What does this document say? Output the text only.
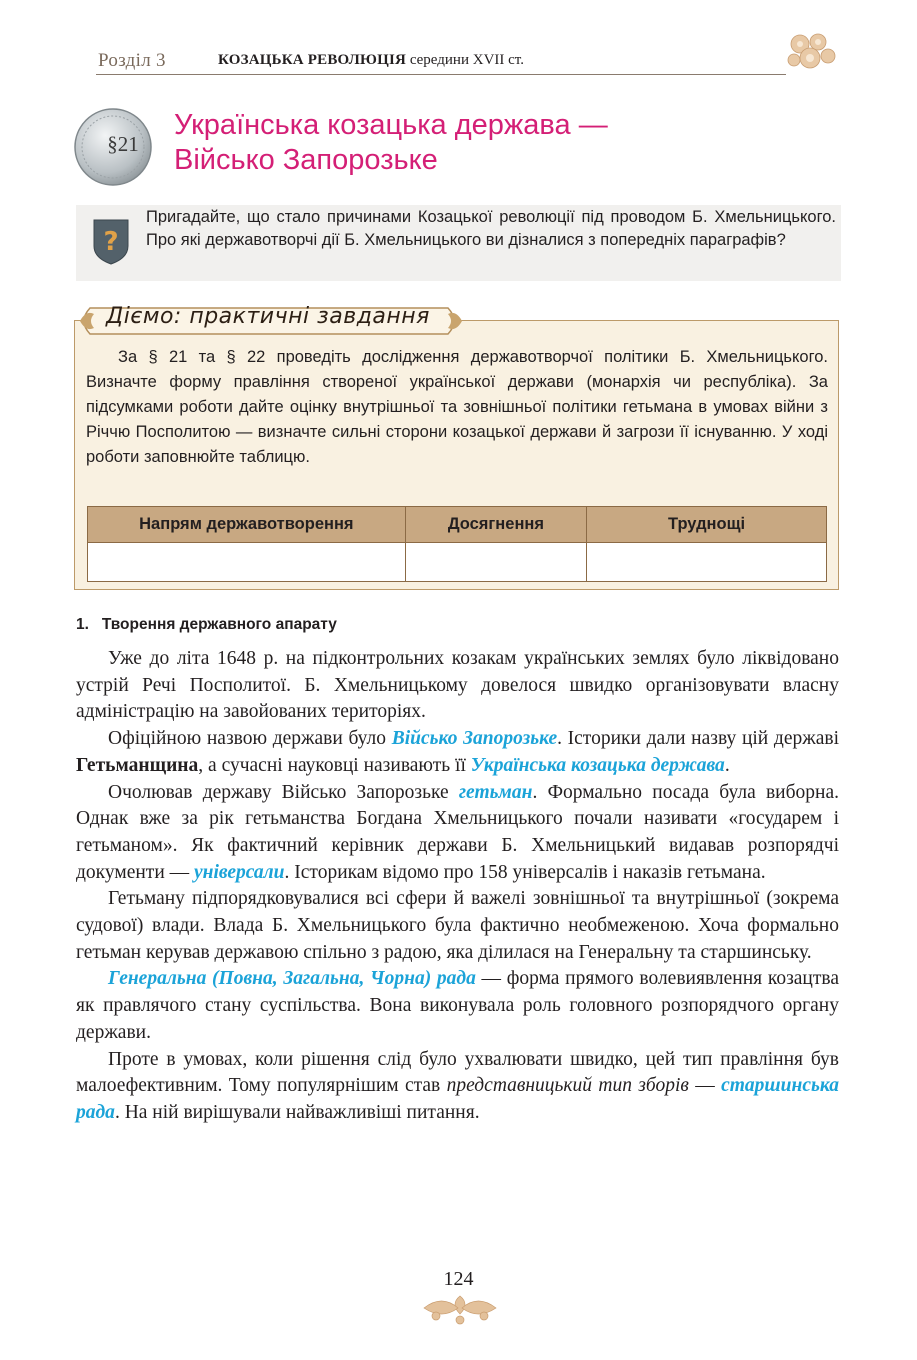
Розділ 3	КОЗАЦЬКА РЕВОЛЮЦІЯ середини XVII ст.
§21
Українська козацька держава —
Військо Запорозьке
?
Пригадайте, що стало причинами Козацької революції під проводом Б. Хмельницького. Про які державотворчі дії Б. Хмельницького ви дізналися з попередніх параграфів?
Діємо: практичні завдання
За § 21 та § 22 проведіть дослідження державотворчої політики Б. Хмельницького. Визначте форму правління створеної української держави (монархія чи республіка). За підсумками роботи дайте оцінку внутрішньої та зовнішньої політики гетьмана в умовах війни з Річчю Посполитою — визначте сильні сторони козацької держави й загрози її існуванню. У ході роботи заповнюйте таблицю.
Напрям державотворення	Досягнення	Труднощі

1.   Творення державного апарату

Уже до літа 1648 р. на підконтрольних козакам українських землях було ліквідовано устрій Речі Посполитої. Б. Хмельницькому довелося швидко організовувати власну адміністрацію на завойованих територіях.

Офіційною назвою держави було Військо Запорозьке. Історики дали назву цій державі Гетьманщина, а сучасні науковці називають її Українська козацька держава.

Очолював державу Військо Запорозьке гетьман. Формально посада була виборна. Однак вже за рік гетьманства Богдана Хмельницького почали називати «государем і гетьманом». Як фактичний керівник держави Б. Хмельницький видавав розпорядчі документи — універсали. Історикам відомо про 158 універсалів і наказів гетьмана.

Гетьману підпорядковувалися всі сфери й важелі зовнішньої та внутрішньої (зокрема судової) влади. Влада Б. Хмельницького була фактично необмеженою. Хоча формально гетьман керував державою спільно з радою, яка ділилася на Генеральну та старшинську.

Генеральна (Повна, Загальна, Чорна) рада — форма прямого волевиявлення козацтва як правлячого стану суспільства. Вона виконувала роль головного розпорядчого органу держави.

Проте в умовах, коли рішення слід було ухвалювати швидко, цей тип правління був малоефективним. Тому популярнішим став представницький тип зборів — старшинська рада. На ній вирішували найважливіші питання.

124
